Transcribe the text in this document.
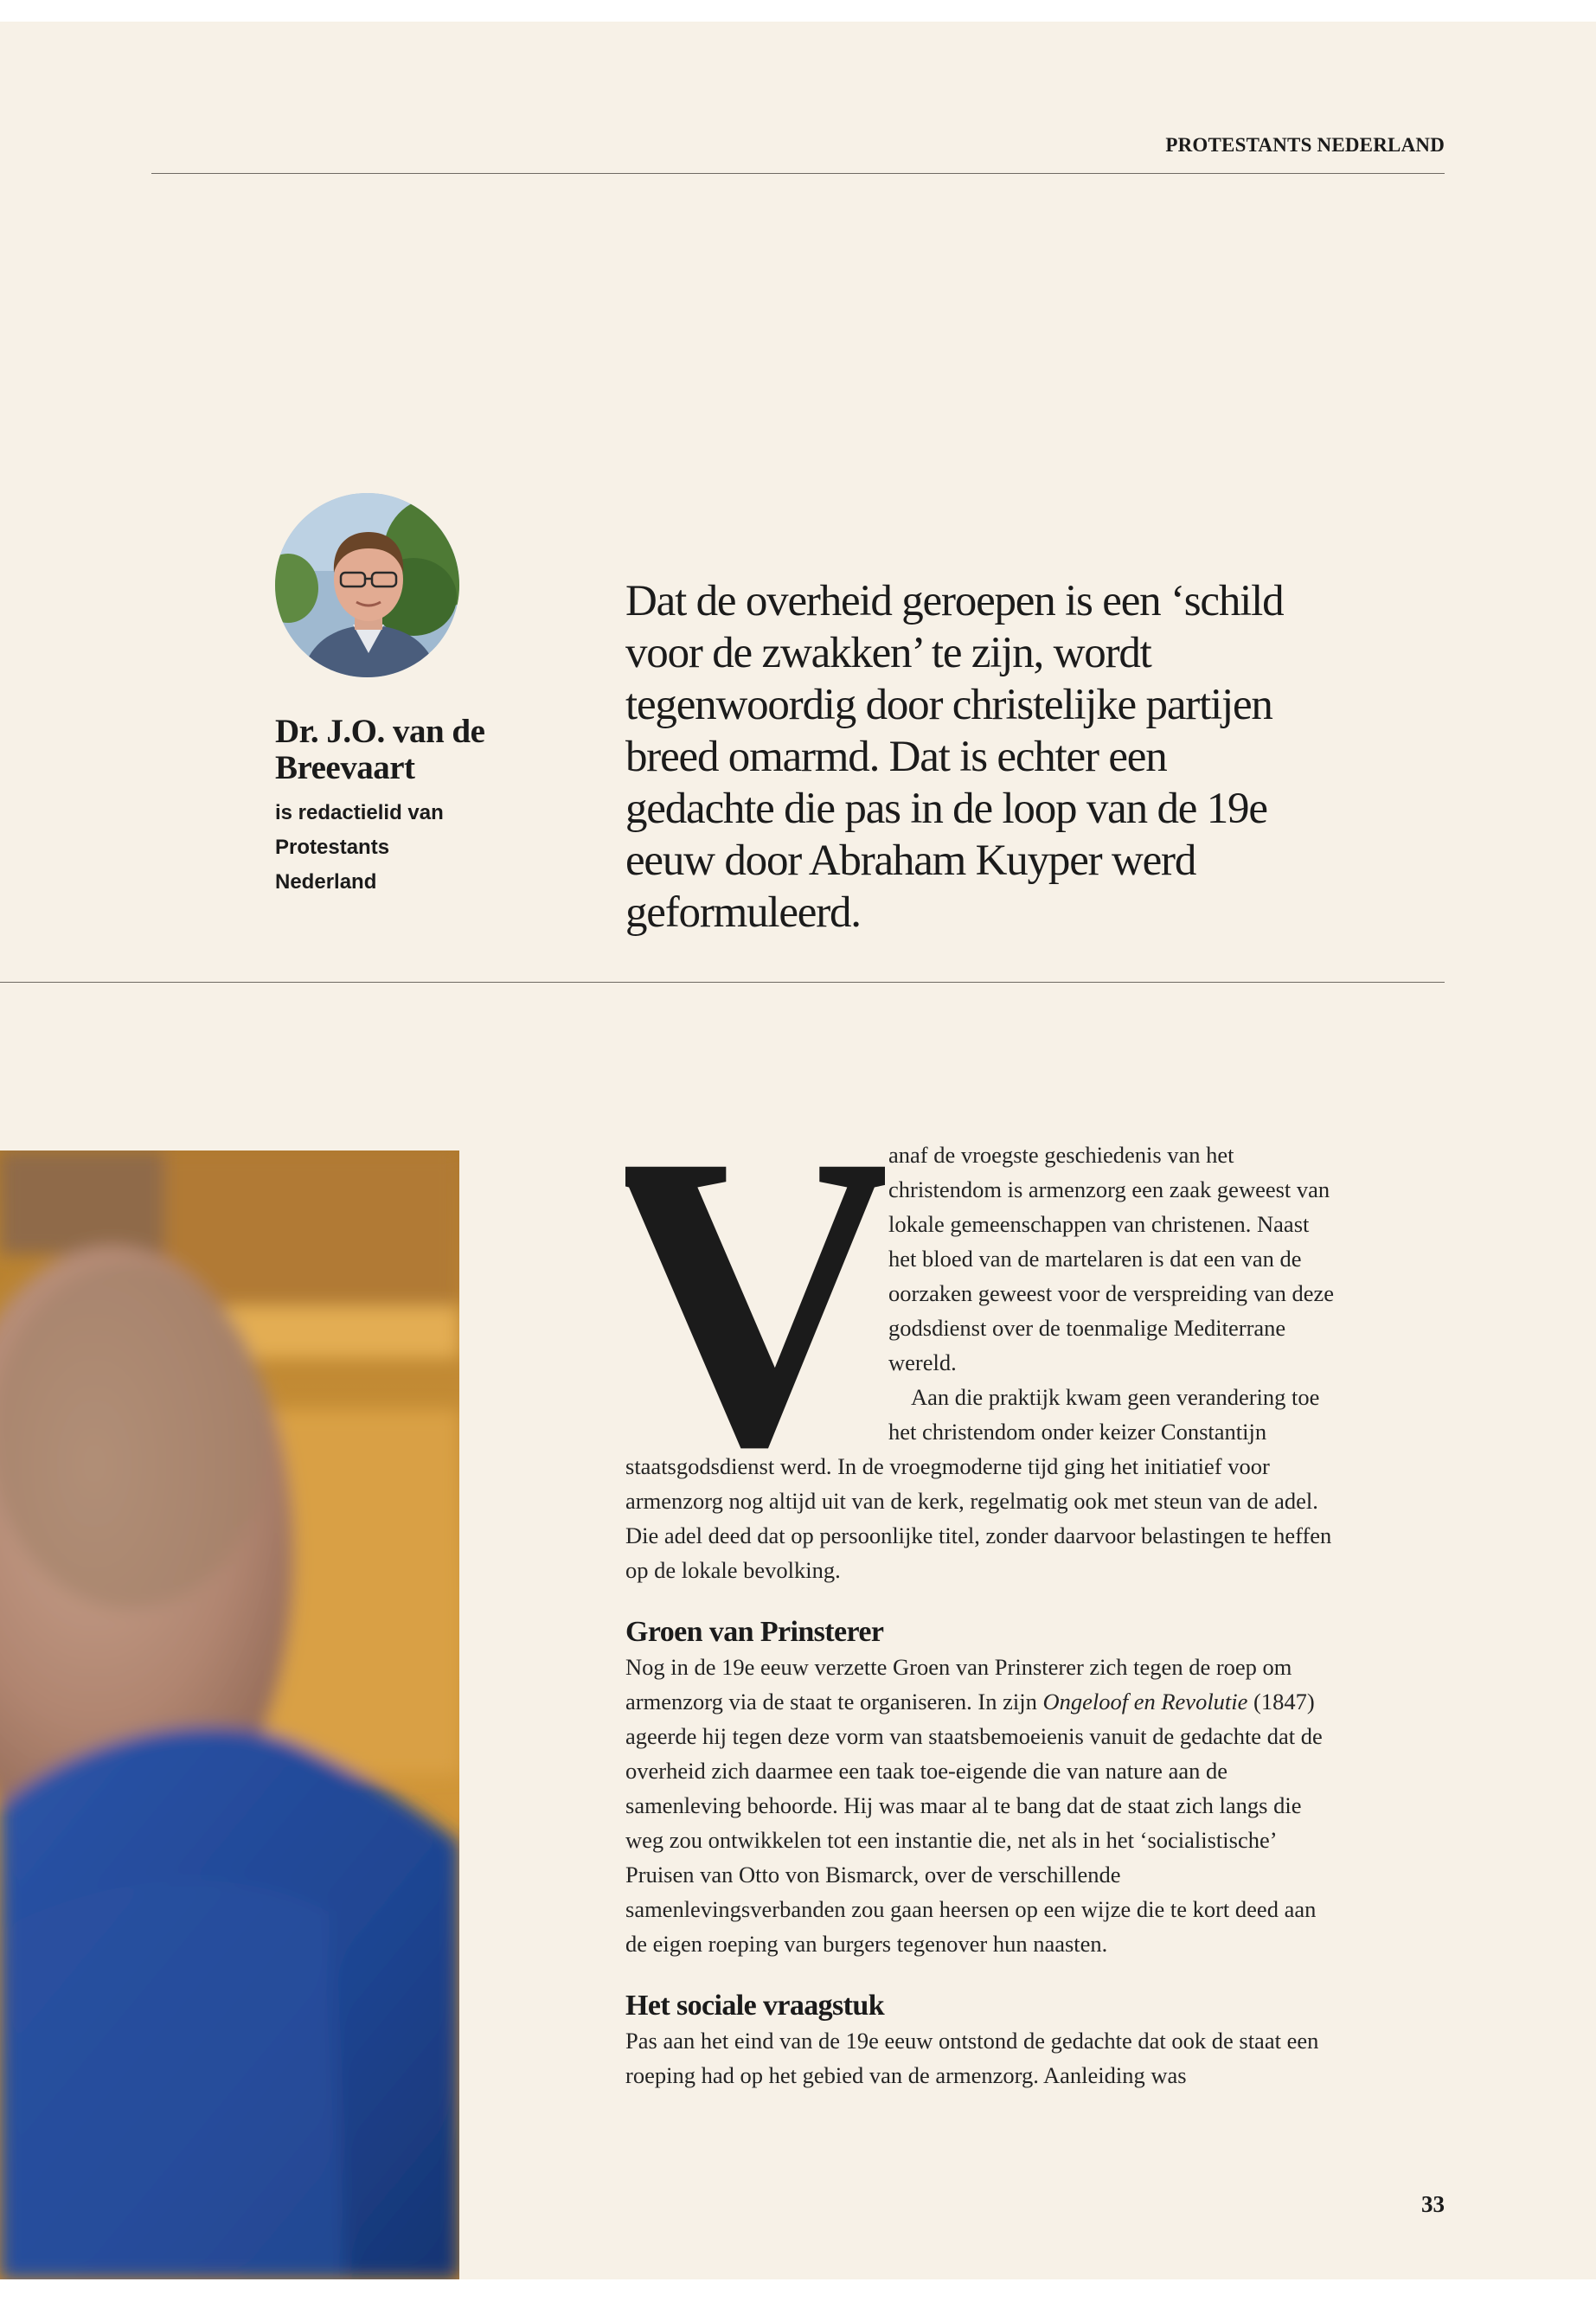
PROTESTANTS NEDERLAND
Dr. J.O. van de Breevaart
is redactielid van Protestants Nederland
Dat de overheid geroepen is een ‘schild voor de zwakken’ te zijn, wordt tegenwoordig door christelijke partijen breed omarmd. Dat is echter een gedachte die pas in de loop van de 19e eeuw door Abraham Kuyper werd geformuleerd.
V

anaf de vroegste geschiedenis van het christendom is armenzorg een zaak geweest van lokale gemeenschappen van christenen. Naast het bloed van de martelaren is dat een van de oorzaken geweest voor de verspreiding van deze godsdienst over de toenmalige Mediterrane wereld.

Aan die praktijk kwam geen verandering toe het christendom onder keizer Constantijn staatsgodsdienst werd. In de vroegmoderne tijd ging het initiatief voor armenzorg nog altijd uit van de kerk, regelmatig ook met steun van de adel. Die adel deed dat op persoonlijke titel, zonder daarvoor belastingen te heffen op de lokale bevolking.

Groen van Prinsterer

Nog in de 19e eeuw verzette Groen van Prinsterer zich tegen de roep om armenzorg via de staat te organiseren. In zijn Ongeloof en Revolutie (1847) ageerde hij tegen deze vorm van staatsbemoeienis vanuit de gedachte dat de overheid zich daarmee een taak toe-eigende die van nature aan de samenleving behoorde. Hij was maar al te bang dat de staat zich langs die weg zou ontwikkelen tot een instantie die, net als in het ‘socialistische’ Pruisen van Otto von Bismarck, over de verschillende samenlevingsverbanden zou gaan heersen op een wijze die te kort deed aan de eigen roeping van burgers tegenover hun naasten.

Het sociale vraagstuk

Pas aan het eind van de 19e eeuw ontstond de gedachte dat ook de staat een roeping had op het gebied van de armenzorg. Aanleiding was

33
